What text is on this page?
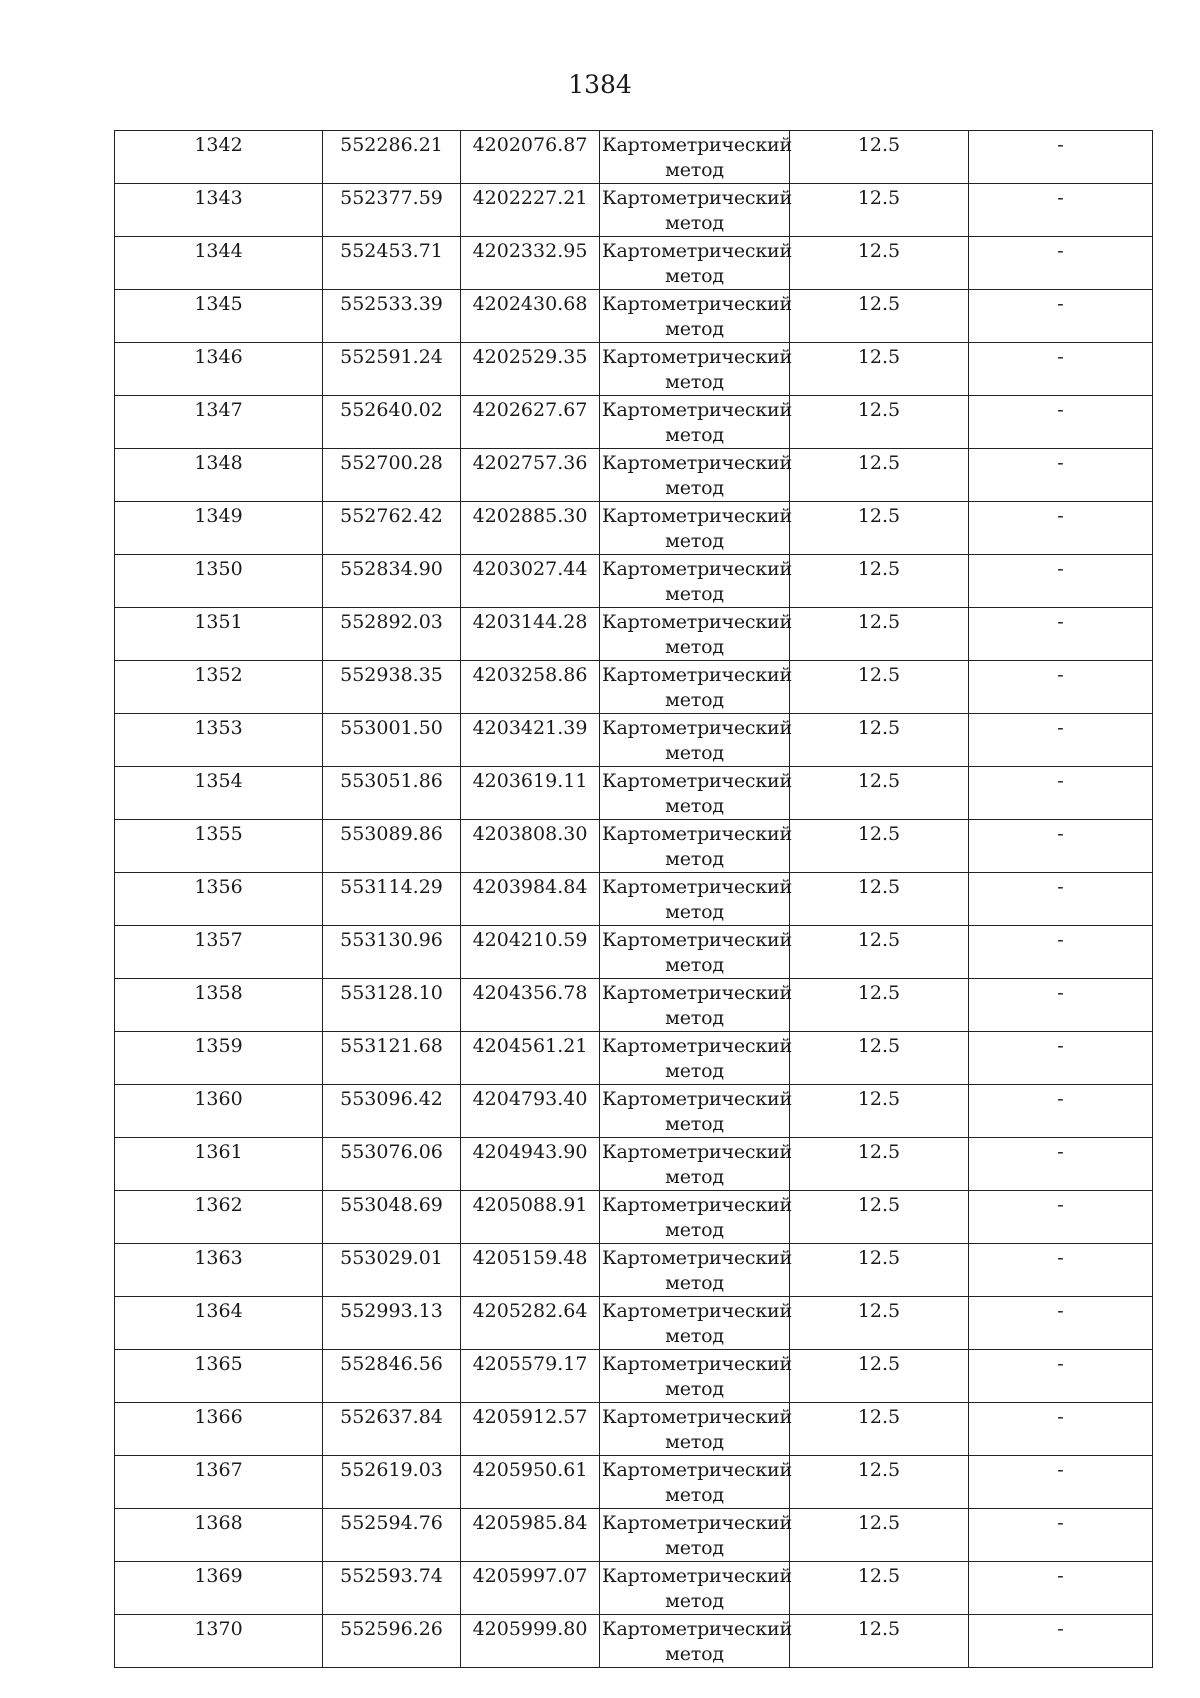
1384
1342	552286.21	4202076.87	Картометрический метод	12.5	-

1343	552377.59	4202227.21	Картометрический метод	12.5	-

1344	552453.71	4202332.95	Картометрический метод	12.5	-

1345	552533.39	4202430.68	Картометрический метод	12.5	-

1346	552591.24	4202529.35	Картометрический метод	12.5	-

1347	552640.02	4202627.67	Картометрический метод	12.5	-

1348	552700.28	4202757.36	Картометрический метод	12.5	-

1349	552762.42	4202885.30	Картометрический метод	12.5	-

1350	552834.90	4203027.44	Картометрический метод	12.5	-

1351	552892.03	4203144.28	Картометрический метод	12.5	-

1352	552938.35	4203258.86	Картометрический метод	12.5	-

1353	553001.50	4203421.39	Картометрический метод	12.5	-

1354	553051.86	4203619.11	Картометрический метод	12.5	-

1355	553089.86	4203808.30	Картометрический метод	12.5	-

1356	553114.29	4203984.84	Картометрический метод	12.5	-

1357	553130.96	4204210.59	Картометрический метод	12.5	-

1358	553128.10	4204356.78	Картометрический метод	12.5	-

1359	553121.68	4204561.21	Картометрический метод	12.5	-

1360	553096.42	4204793.40	Картометрический метод	12.5	-

1361	553076.06	4204943.90	Картометрический метод	12.5	-

1362	553048.69	4205088.91	Картометрический метод	12.5	-

1363	553029.01	4205159.48	Картометрический метод	12.5	-

1364	552993.13	4205282.64	Картометрический метод	12.5	-

1365	552846.56	4205579.17	Картометрический метод	12.5	-

1366	552637.84	4205912.57	Картометрический метод	12.5	-

1367	552619.03	4205950.61	Картометрический метод	12.5	-

1368	552594.76	4205985.84	Картометрический метод	12.5	-

1369	552593.74	4205997.07	Картометрический метод	12.5	-

1370	552596.26	4205999.80	Картометрический метод	12.5	-
